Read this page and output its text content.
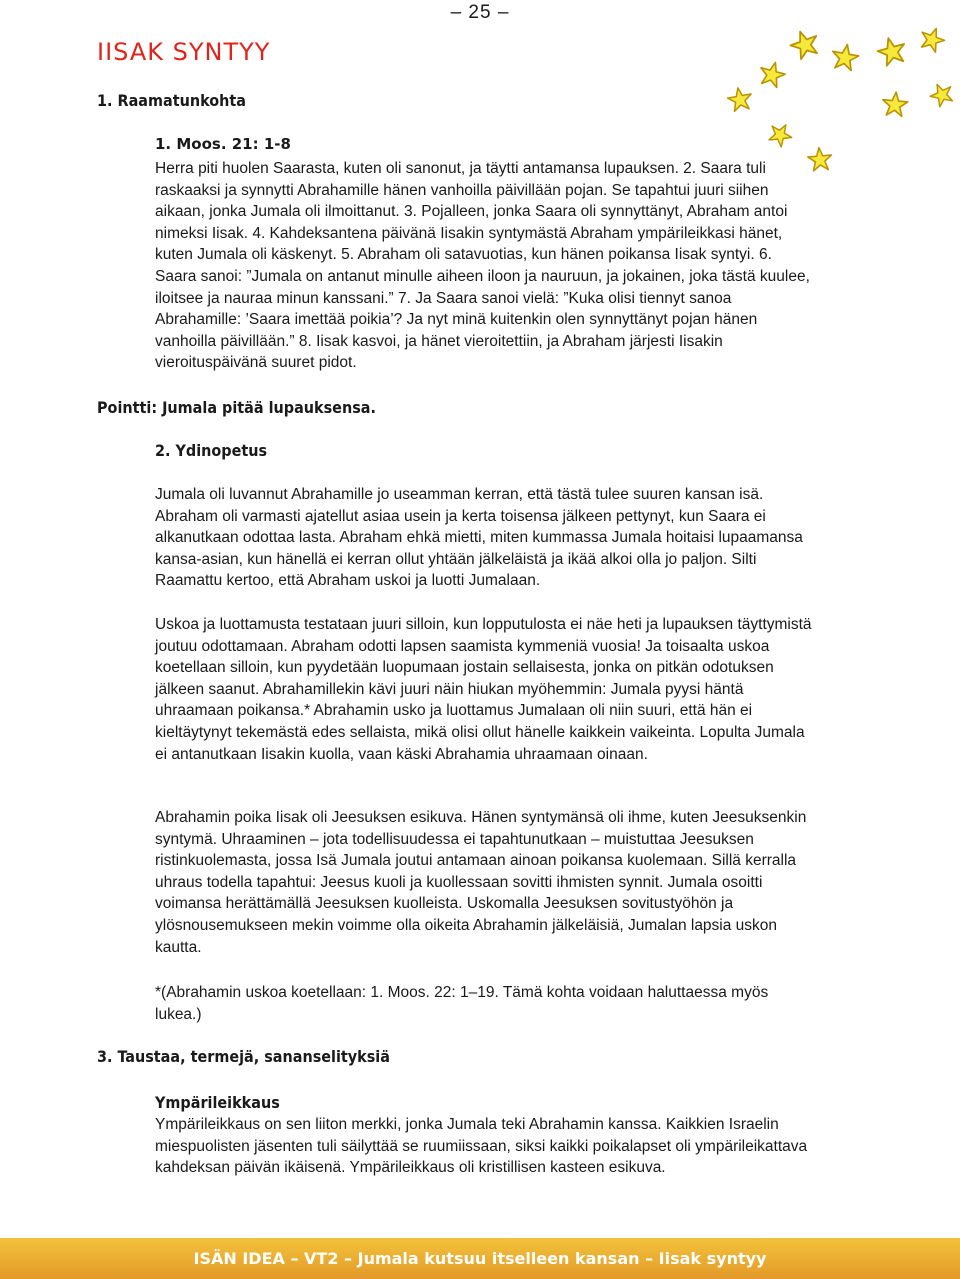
– 25 –
IISAK SYNTYY
1. Raamatunkohta
1. Moos. 21: 1-8

Herra piti huolen Saarasta, kuten oli sanonut, ja täytti antamansa lupauksen. 2. Saara tuli raskaaksi ja synnytti Abrahamille hänen vanhoilla päivillään pojan. Se tapahtui juuri siihen aikaan, jonka Jumala oli ilmoittanut. 3. Pojalleen, jonka Saara oli synnyttänyt, Abraham antoi nimeksi Iisak. 4. Kahdeksantena päivänä Iisakin syntymästä Abraham ympärileikkasi hänet, kuten Jumala oli käskenyt. 5. Abraham oli satavuotias, kun hänen poikansa Iisak syntyi. 6. Saara sanoi: ”Jumala on antanut minulle aiheen iloon ja nauruun, ja jokainen, joka tästä kuulee, iloitsee ja nauraa minun kanssani.” 7. Ja Saara sanoi vielä: ”Kuka olisi tiennyt sanoa Abrahamille: ’Saara imettää poikia’? Ja nyt minä kuitenkin olen synnyttänyt pojan hänen vanhoilla päivillään.” 8. Iisak kasvoi, ja hänet vieroitettiin, ja Abraham järjesti Iisakin vieroituspäivänä suuret pidot.

Pointti: Jumala pitää lupauksensa.
2. Ydinopetus

Jumala oli luvannut Abrahamille jo useamman kerran, että tästä tulee suuren kansan isä. Abraham oli varmasti ajatellut asiaa usein ja kerta toisensa jälkeen pettynyt, kun Saara ei alkanutkaan odottaa lasta. Abraham ehkä mietti, miten kummassa Jumala hoitaisi lupaamansa kansa-asian, kun hänellä ei kerran ollut yhtään jälkeläistä ja ikää alkoi olla jo paljon. Silti Raamattu kertoo, että Abraham uskoi ja luotti Jumalaan.

Uskoa ja luottamusta testataan juuri silloin, kun lopputulosta ei näe heti ja lupauksen täyttymistä joutuu odottamaan. Abraham odotti lapsen saamista kymmeniä vuosia! Ja toisaalta uskoa koetellaan silloin, kun pyydetään luopumaan jostain sellaisesta, jonka on pitkän odotuksen jälkeen saanut. Abrahamillekin kävi juuri näin hiukan myöhemmin: Jumala pyysi häntä uhraamaan poikansa.* Abrahamin usko ja luottamus Jumalaan oli niin suuri, että hän ei kieltäytynyt tekemästä edes sellaista, mikä olisi ollut hänelle kaikkein vaikeinta. Lopulta Jumala ei antanutkaan Iisakin kuolla, vaan käski Abrahamia uhraamaan oinaan.

Abrahamin poika Iisak oli Jeesuksen esikuva. Hänen syntymänsä oli ihme, kuten Jeesuksenkin syntymä. Uhraaminen – jota todellisuudessa ei tapahtunutkaan – muistuttaa Jeesuksen ristinkuolemasta, jossa Isä Jumala joutui antamaan ainoan poikansa kuolemaan. Sillä kerralla uhraus todella tapahtui: Jeesus kuoli ja kuollessaan sovitti ihmisten synnit. Jumala osoitti voimansa herättämällä Jeesuksen kuolleista. Uskomalla Jeesuksen sovitustyöhön ja ylösnousemukseen mekin voimme olla oikeita Abrahamin jälkeläisiä, Jumalan lapsia uskon kautta.

*(Abrahamin uskoa koetellaan: 1. Moos. 22: 1–19. Tämä kohta voidaan haluttaessa myös lukea.)

3. Taustaa, termejä, sananselityksiä
Ympärileikkaus

Ympärileikkaus on sen liiton merkki, jonka Jumala teki Abrahamin kanssa. Kaikkien Israelin miespuolisten jäsenten tuli säilyttää se ruumiissaan, siksi kaikki poikalapset oli ympärileikattava kahdeksan päivän ikäisenä. Ympärileikkaus oli kristillisen kasteen esikuva.

ISÄN IDEA – VT2 – Jumala kutsuu itselleen kansan – Iisak syntyy
